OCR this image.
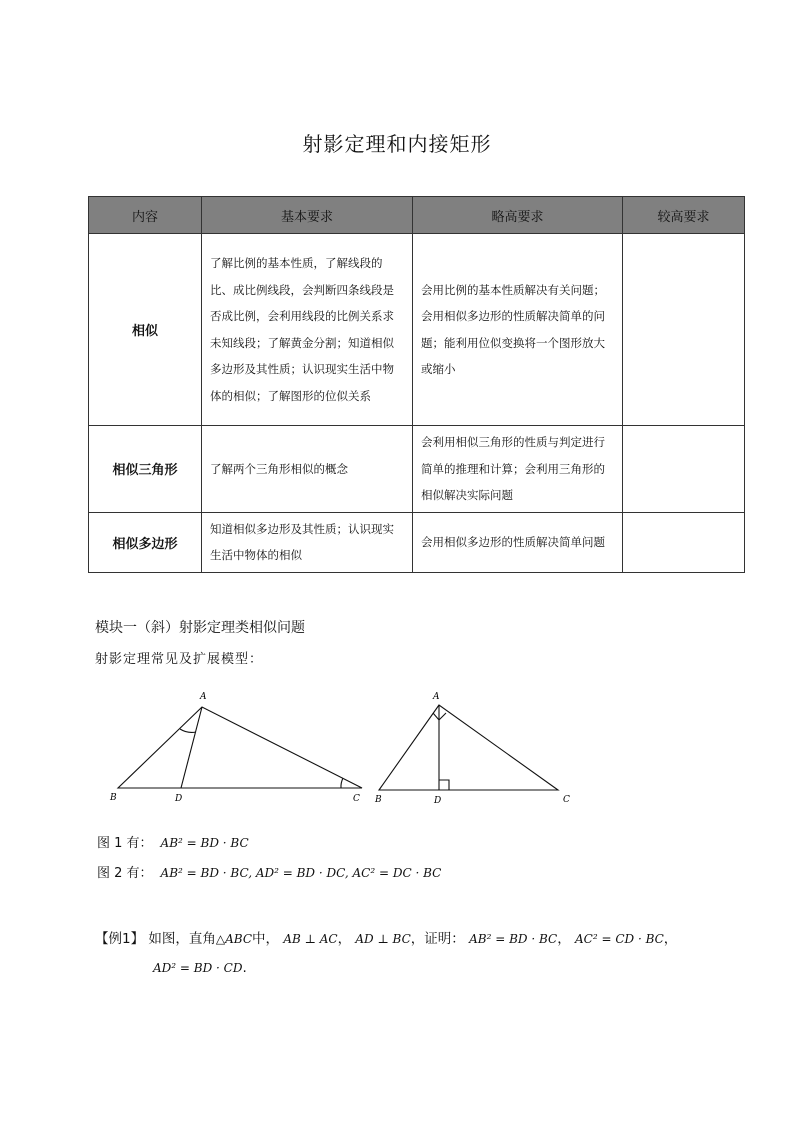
射影定理和内接矩形
内容	基本要求	略高要求	较高要求
相似	了解比例的基本性质，了解线段的比、成比例线段，会判断四条线段是否成比例，会利用线段的比例关系求未知线段；了解黄金分割；知道相似多边形及其性质；认识现实生活中物体的相似；了解图形的位似关系	会用比例的基本性质解决有关问题；会用相似多边形的性质解决简单的问题；能利用位似变换将一个图形放大或缩小	
相似三角形	了解两个三角形相似的概念	会利用相似三角形的性质与判定进行简单的推理和计算；会利用三角形的相似解决实际问题	
相似多边形	知道相似多边形及其性质；认识现实生活中物体的相似	会用相似多边形的性质解决简单问题	
模块一（斜）射影定理类相似问题
射影定理常见及扩展模型：
A
B	D	C
A
B	D	C
图 1 有： AB² = BD · BC
图 2 有： AB² = BD · BC, AD² = BD · DC, AC² = DC · BC
【例1】 如图，直角△ABC中， AB ⊥ AC， AD ⊥ BC，证明： AB² = BD · BC， AC² = CD · BC，
AD² = BD · CD.
